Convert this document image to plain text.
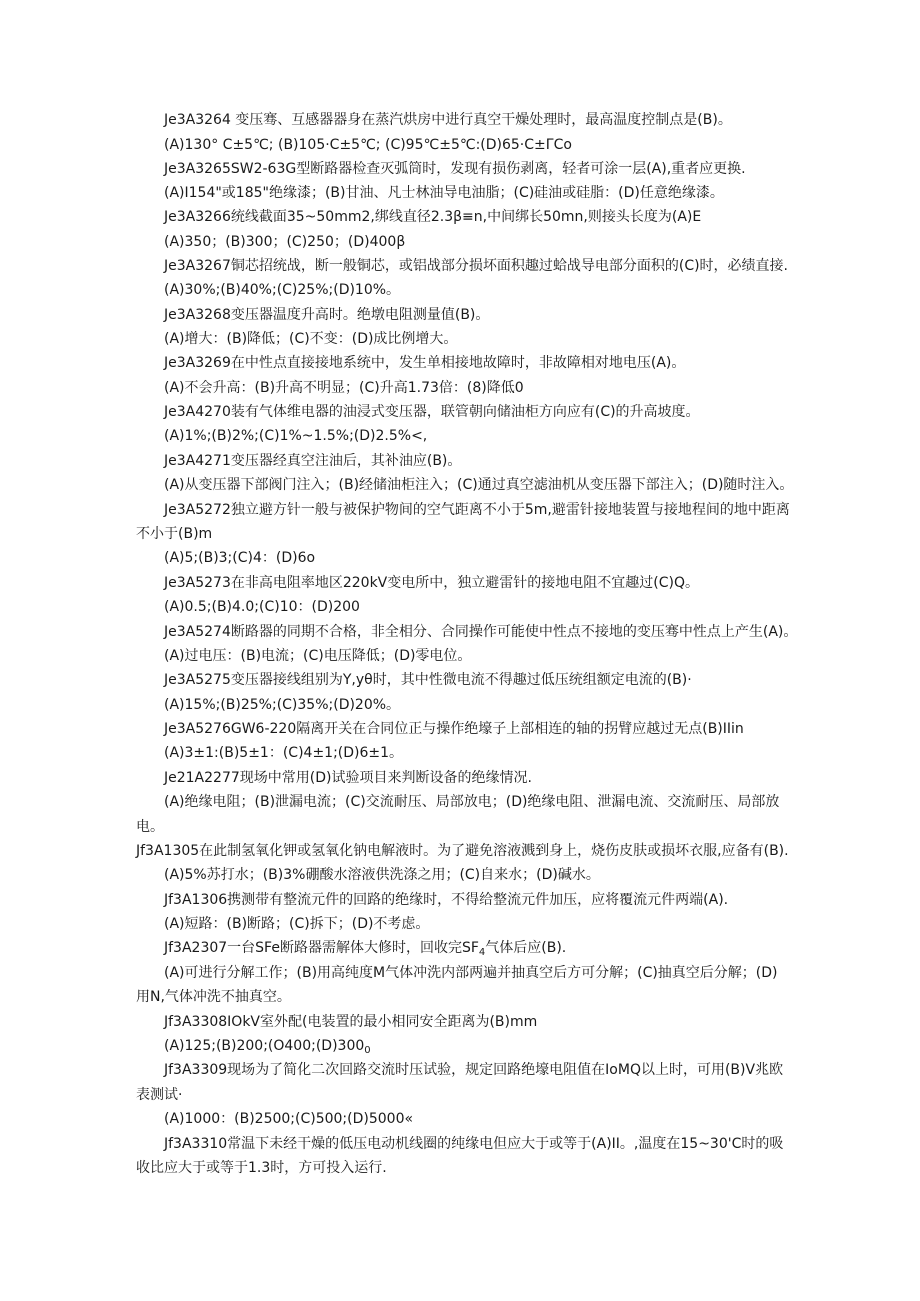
Je3A3264 变压骞、互感器器身在蒸汽烘房中进行真空干燥处理时，最高温度控制点是(B)。
(A)130° C±5℃; (B)105·C±5℃; (C)95℃±5℃:(D)65·C±ΓCo
Je3A3265SW2-63G型断路器检查灭弧筒时，发现有损伤剥离，轻者可涂一层(A),重者应更换.
(A)I154"或185"绝缘漆；(B)甘油、凡士林油导电油脂；(C)硅油或硅脂：(D)任意绝缘漆。
Je3A3266统线截面35~50mm2,绑线直径2.3β≡n,中间绑长50mn,则接头长度为(A)E
(A)350；(B)300；(C)250；(D)400β
Je3A3267铜芯招统战，断一般铜芯，或铝战部分损坏面积趣过蛤战导电部分面积的(C)时，必绩直接.
(A)30%;(B)40%;(C)25%;(D)10%。
Je3A3268变压器温度升高时。绝墩电阻测量值(B)。
(A)增大：(B)降低；(C)不变：(D)成比例增大。
Je3A3269在中性点直接接地系统中，发生单相接地故障时，非故障相对地电压(A)。
(A)不会升高：(B)升高不明显；(C)升高1.73倍：(8)降低0
Je3A4270装有气体维电器的油浸式变压器，联管朝向储油柜方向应有(C)的升高坡度。
(A)1%;(B)2%;(C)1%~1.5%;(D)2.5%<,
Je3A4271变压器经真空注油后，其补油应(B)。
(A)从变压器下部阀门注入；(B)经储油柜注入；(C)通过真空滤油机从变压器下部注入；(D)随时注入。
Je3A5272独立避方针一般与被保护物间的空气距离不小于5m,避雷针接地装置与接地程间的地中距离
不小于(B)m
(A)5;(B)3;(C)4：(D)6o
Je3A5273在非高电阻率地区220kV变电所中，独立避雷针的接地电阻不宜趣过(C)Q。
(A)0.5;(B)4.0;(C)10：(D)200
Je3A5274断路器的同期不合格，非全相分、合同操作可能使中性点不接地的变压骞中性点上产生(A)。
(A)过电压：(B)电流；(C)电压降低；(D)零电位。
Je3A5275变压器接线组别为Y,yθ时，其中性微电流不得趣过低压统组额定电流的(B)·
(A)15%;(B)25%;(C)35%;(D)20%。
Je3A5276GW6-220隔离开关在合同位正与操作绝壕子上部相连的轴的拐臂应越过无点(B)IIin
(A)3±1:(B)5±1：(C)4±1;(D)6±1。
Je21A2277现场中常用(D)试验项目来判断设备的绝缘情况.
(A)绝缘电阻；(B)泄漏电流；(C)交流耐压、局部放电；(D)绝缘电阻、泄漏电流、交流耐压、局部放
电。
Jf3A1305在此制氢氧化钾或氢氧化钠电解液时。为了避免溶液溅到身上，烧伤皮肤或损坏衣服,应备有(B).
(A)5%苏打水；(B)3%硼酸水溶液供洗涤之用；(C)自来水；(D)碱水。
Jf3A1306携测带有整流元件的回路的绝缘时，不得给整流元件加压，应将覆流元件两端(A).
(A)短路：(B)断路；(C)拆下；(D)不考虑。
Jf3A2307一台SFe断路器需解体大修时，回收完$SF_4$气体后应(B).
(A)可进行分解工作；(B)用高纯度M气体冲洗内部两遍并抽真空后方可分解；(C)抽真空后分解；(D)
用N,气体冲洗不抽真空。
Jf3A3308IOkV室外配(电装置的最小相同安全距离为(B)mm
$(A)125;(B)200;(O400;(D)300_0$
Jf3A3309现场为了简化二次回路交流时压试验，规定回路绝壕电阻值在IoMQ以上时，可用(B)V兆欧
表测试·
(A)1000：(B)2500;(C)500;(D)5000«
Jf3A3310常温下未经干燥的低压电动机线圈的纯缘电但应大于或等于(A)II。,温度在15~30'C时的吸
收比应大于或等于1.3时，方可投入运行.
